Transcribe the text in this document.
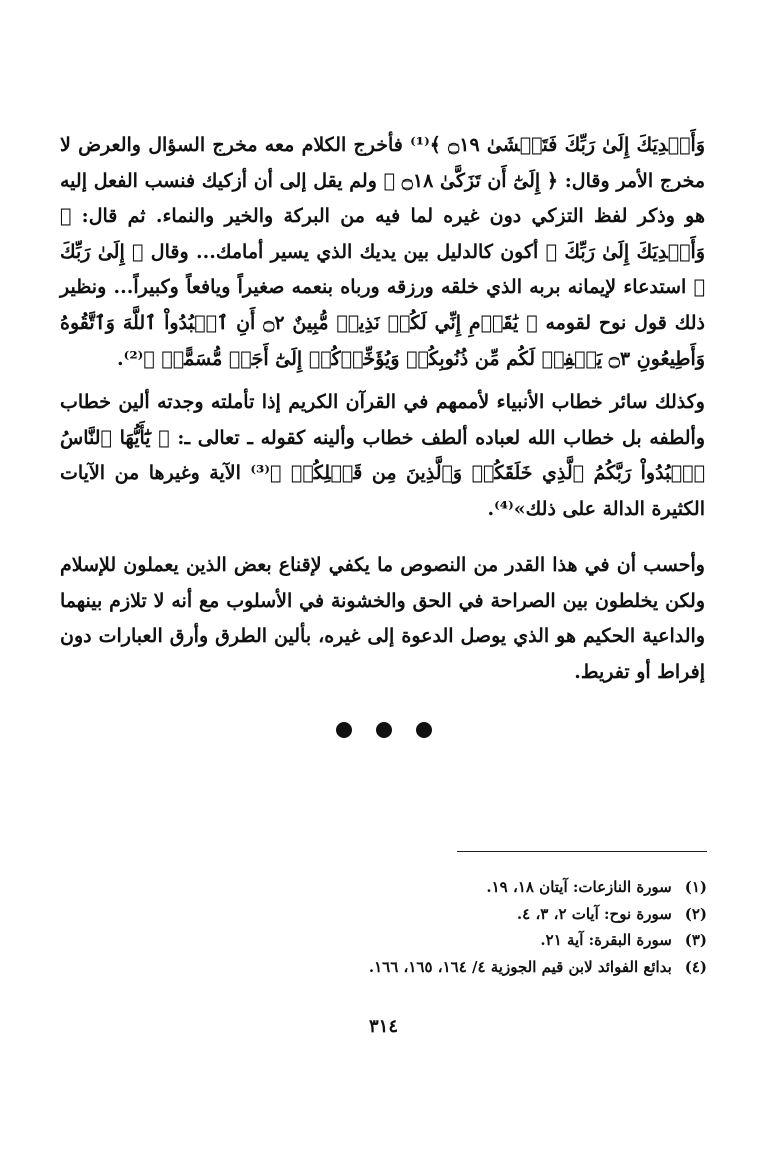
وَأَهۡدِيَكَ إِلَىٰ رَبِّكَ فَتَخۡشَىٰ ۝١٩ ﴾⁽¹⁾ فأخرج الكلام معه مخرج السؤال والعرض لا مخرج الأمر وقال: ﴿ إِلَىٰٓ أَن تَزَكَّىٰ ۝١٨ ﴾ ولم يقل إلى أن أزكيك فنسب الفعل إليه هو وذكر لفظ التزكي دون غيره لما فيه من البركة والخير والنماء. ثم قال: ﴿ وَأَهۡدِيَكَ إِلَىٰ رَبِّكَ ﴾ أكون كالدليل بين يديك الذي يسير أمامك... وقال ﴿ إِلَىٰ رَبِّكَ ﴾ استدعاء لإيمانه بربه الذي خلقه ورزقه ورباه بنعمه صغيراً ويافعاً وكبيراً... ونظير ذلك قول نوح لقومه ﴿ يَٰقَوۡمِ إِنِّي لَكُمۡ نَذِيرٞ مُّبِينٌ ۝٢ أَنِ ٱعۡبُدُواْ ٱللَّهَ وَٱتَّقُوهُ وَأَطِيعُونِ ۝٣ يَغۡفِرۡ لَكُم مِّن ذُنُوبِكُمۡ وَيُؤَخِّرۡكُمۡ إِلَىٰٓ أَجَلٖ مُّسَمًّىۚ ﴾⁽²⁾.

وكذلك سائر خطاب الأنبياء لأممهم في القرآن الكريم إذا تأملته وجدته ألين خطاب وألطفه بل خطاب الله لعباده ألطف خطاب وألينه كقوله ـ تعالى ـ: ﴿ يَٰٓأَيُّهَا ٱلنَّاسُ ٱعۡبُدُواْ رَبَّكُمُ ٱلَّذِي خَلَقَكُمۡ وَٱلَّذِينَ مِن قَبۡلِكُمۡ ﴾⁽³⁾ الآية وغيرها من الآيات الكثيرة الدالة على ذلك»⁽⁴⁾.

وأحسب أن في هذا القدر من النصوص ما يكفي لإقناع بعض الذين يعملون للإسلام ولكن يخلطون بين الصراحة في الحق والخشونة في الأسلوب مع أنه لا تلازم بينهما والداعية الحكيم هو الذي يوصل الدعوة إلى غيره، بألين الطرق وأرق العبارات دون إفراط أو تفريط.

(١) سورة النازعات: آيتان ١٨، ١٩.
(٢) سورة نوح: آيات ٢، ٣، ٤.
(٣) سورة البقرة: آية ٢١.
(٤) بدائع الفوائد لابن قيم الجوزية ٤/ ١٦٤، ١٦٥، ١٦٦.
٣١٤
